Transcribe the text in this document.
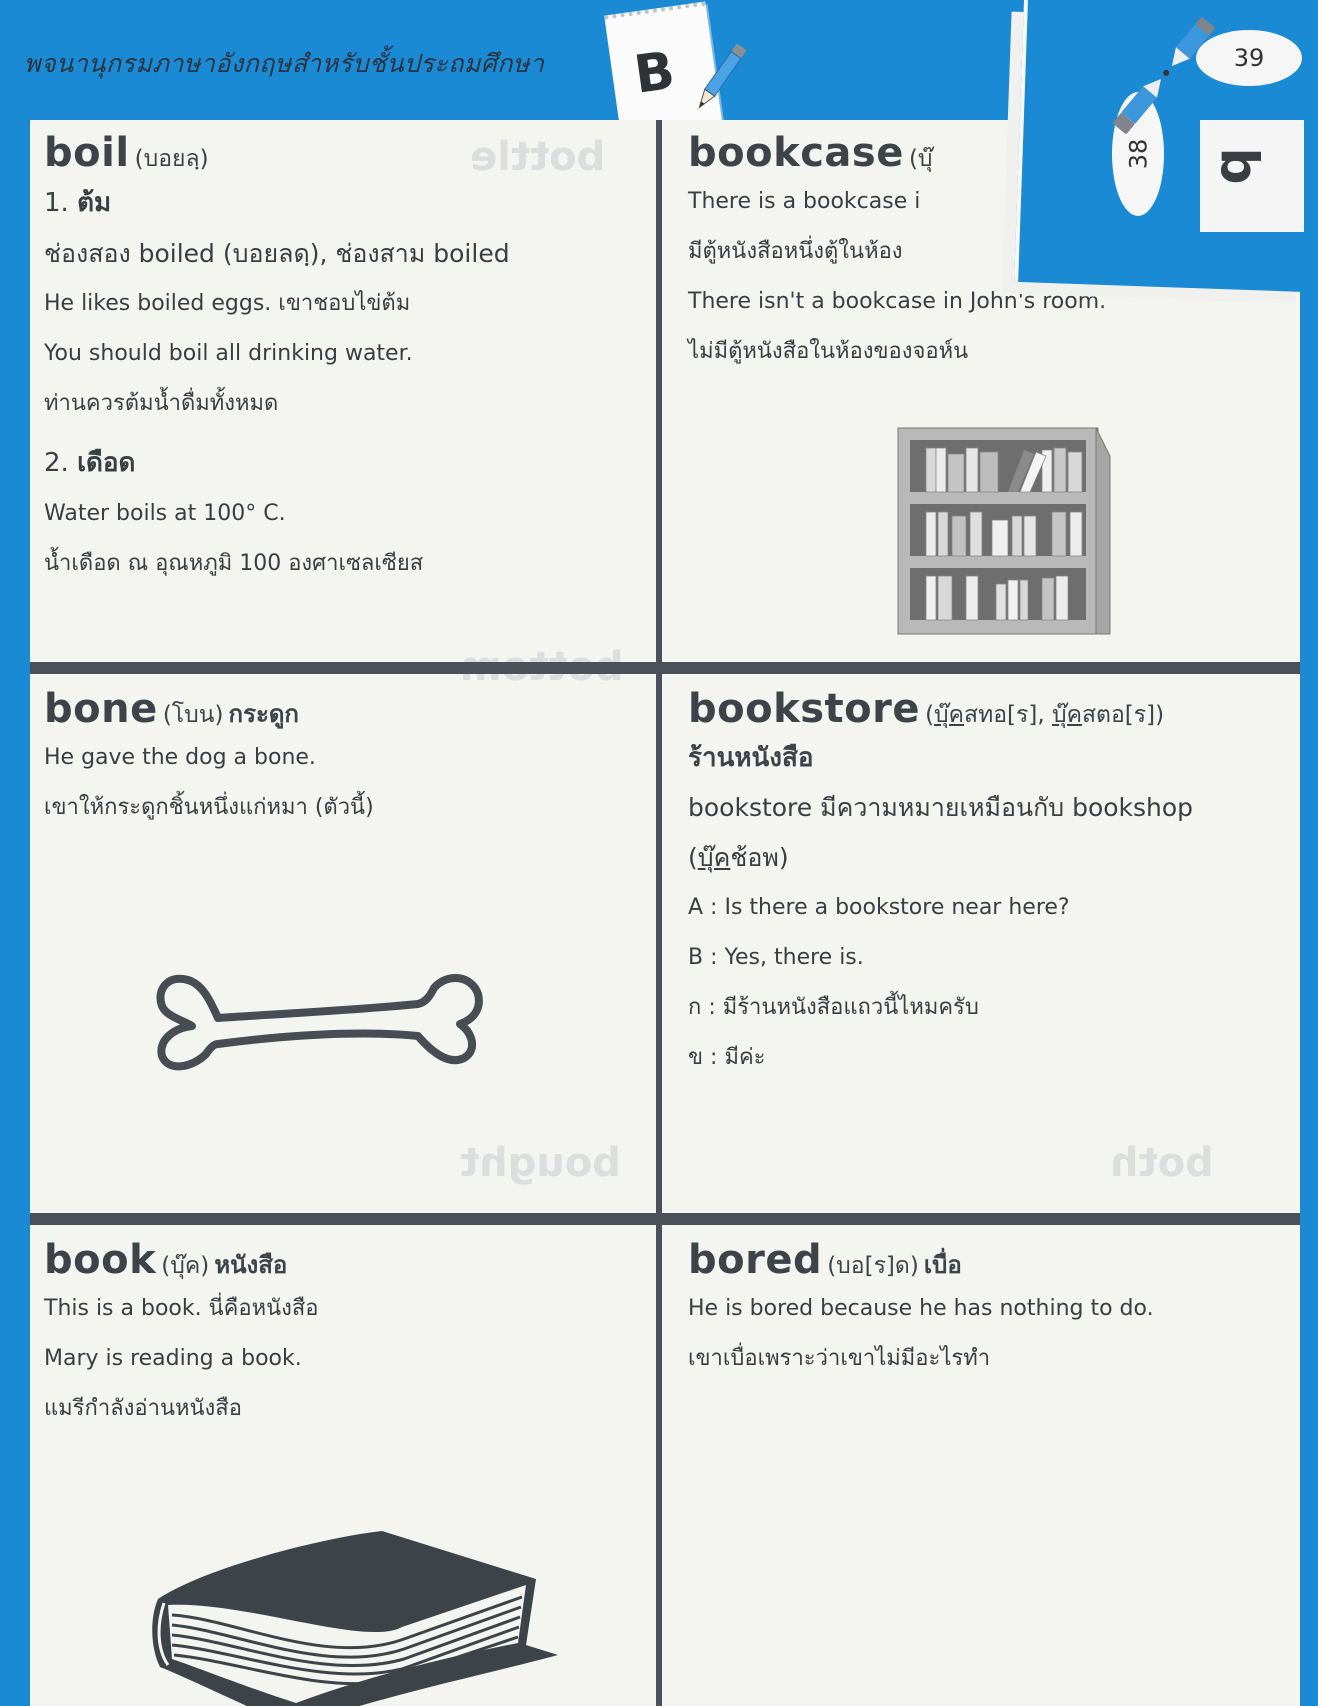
พจนานุกรมภาษาอังกฤษสำหรับชั้นประถมศึกษา B
bottle
bought	both
boil (บอยลฺ)
1. ต้ม
ช่องสอง boiled (บอยลดฺ), ช่องสาม boiled
He likes boiled eggs. เขาชอบไข่ต้ม
You should boil all drinking water.
ท่านควรต้มน้ำดื่มทั้งหมด
2. เดือด
Water boils at 100° C.
น้ำเดือด ณ อุณหภูมิ 100 องศาเซลเซียส
bookcase (บุ๊
There is a bookcase i
มีตู้หนังสือหนึ่งตู้ในห้อง
There isn't a bookcase in John's room.
ไม่มีตู้หนังสือในห้องของจอห์น
bone (โบน) กระดูก
He gave the dog a bone.
เขาให้กระดูกชิ้นหนึ่งแก่หมา (ตัวนี้)
bookstore (บุ๊คสทอ[ร], บุ๊คสตอ[ร])
ร้านหนังสือ
bookstore มีความหมายเหมือนกับ bookshop
(บุ๊คช้อพ)
A : Is there a bookstore near here?
B : Yes, there is.
ก : มีร้านหนังสือแถวนี้ไหมครับ
ข : มีค่ะ
book (บุ๊ค) หนังสือ
This is a book. นี่คือหนังสือ
Mary is reading a book.
แมรีกำลังอ่านหนังสือ
bored (บอ[ร]ด) เบื่อ
He is bored because he has nothing to do.
เขาเบื่อเพราะว่าเขาไม่มีอะไรทำ
39
38 b
